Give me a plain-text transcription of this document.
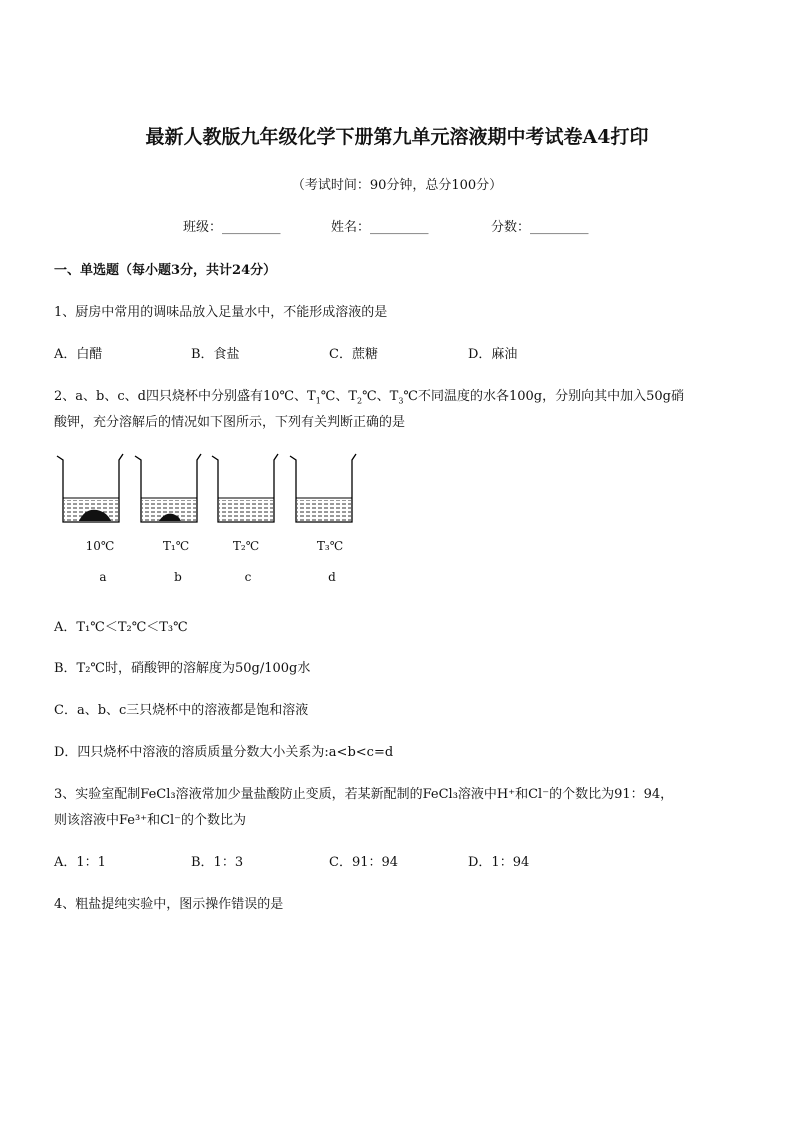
最新人教版九年级化学下册第九单元溶液期中考试卷A4打印
（考试时间：90分钟，总分100分）
班级：_________	姓名：_________	分数：_________
一、单选题（每小题3分，共计24分）
1、厨房中常用的调味品放入足量水中，不能形成溶液的是
A．白醋	B．食盐	C．蔗糖	D．麻油
2、a、b、c、d四只烧杯中分别盛有10℃、$T_1℃$、$T_2℃$、$T_3℃$不同温度的水各100g，分别向其中加入50g硝
酸钾，充分溶解后的情况如下图所示，下列有关判断正确的是
10℃	T₁℃	T₂℃	T₃℃
a	b	c	d
A．T₁℃＜T₂℃＜T₃℃
B．T₂℃时，硝酸钾的溶解度为50g/100g水
C．a、b、c三只烧杯中的溶液都是饱和溶液
D．四只烧杯中溶液的溶质质量分数大小关系为:a<b<c=d
3、实验室配制FeCl₃溶液常加少量盐酸防止变质，若某新配制的FeCl₃溶液中H⁺和Cl⁻的个数比为91：94，
则该溶液中Fe³⁺和Cl⁻的个数比为
A．1：1	B．1：3	C．91：94	D．1：94
4、粗盐提纯实验中，图示操作错误的是
